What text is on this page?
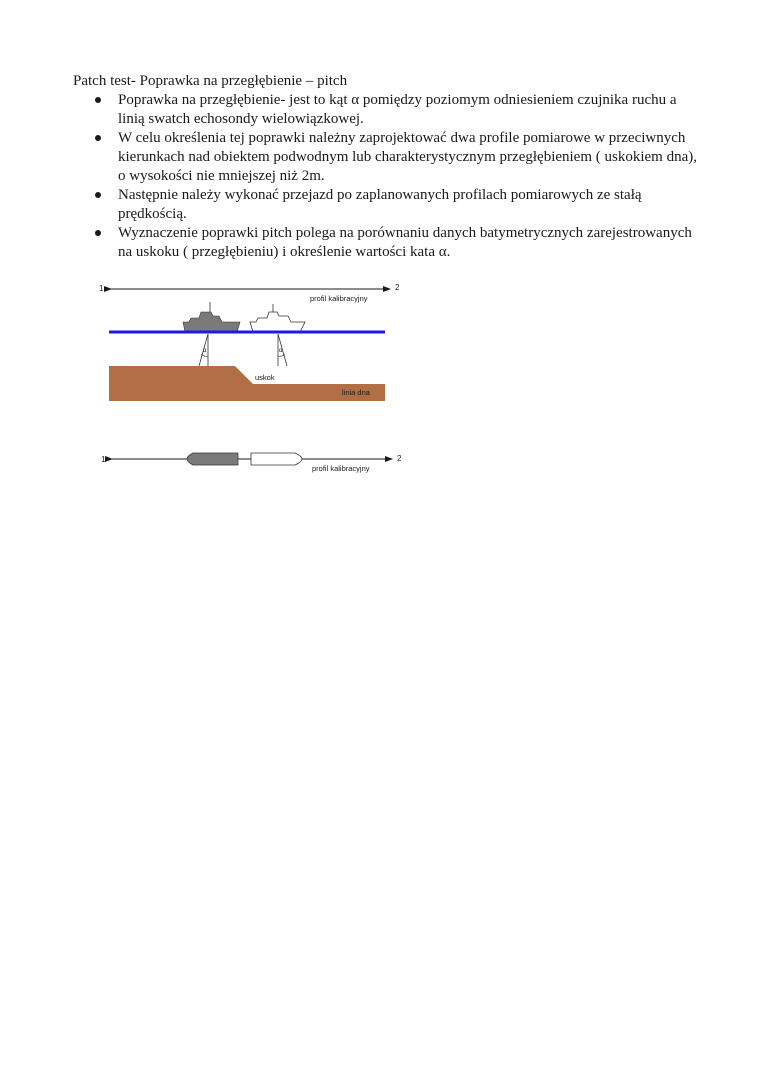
Patch test- Poprawka na przegłębienie – pitch
Poprawka na przegłębienie- jest to kąt α pomiędzy poziomym odniesieniem czujnika ruchu a linią swatch echosondy wielowiązkowej.
W celu określenia tej poprawki należny zaprojektować dwa profile pomiarowe w przeciwnych kierunkach nad obiektem podwodnym lub charakterystycznym przegłębieniem ( uskokiem dna), o wysokości nie mniejszej niż 2m.
Następnie należy wykonać przejazd po zaplanowanych profilach pomiarowych ze stałą prędkością.
Wyznaczenie poprawki pitch polega na porównaniu danych batymetrycznych zarejestrowanych na uskoku ( przegłębieniu) i określenie wartości kata α.
1	2
profil kalibracyjny
α	α
uskok
linia dna
1	2
profil kalibracyjny
